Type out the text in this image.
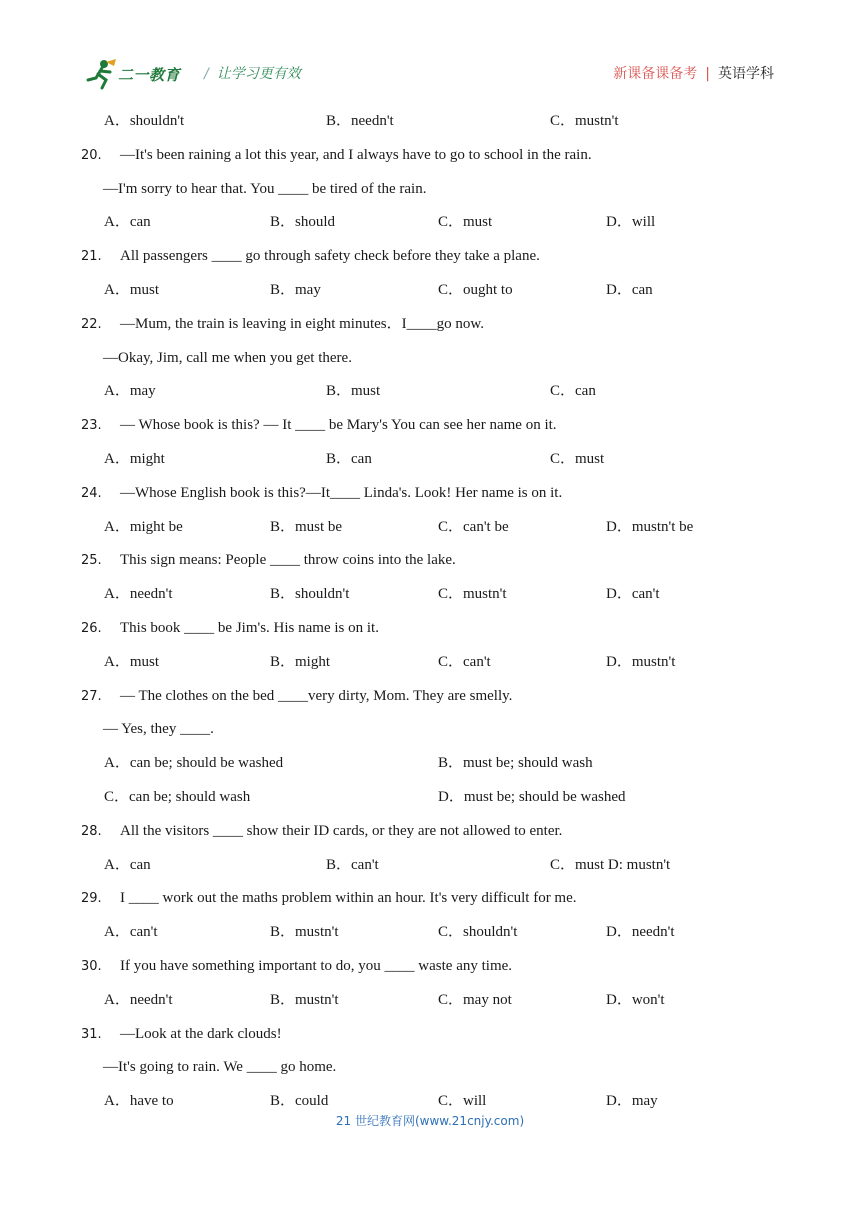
二一教育 / 让学习更有效	新课备课备考 | 英语学科
A．shouldn't	B．needn't	C．mustn't
20. —It's been raining a lot this year, and I always have to go to school in the rain.
—I'm sorry to hear that. You ____ be tired of the rain.
A．can	B．should	C．must	D．will
21. All passengers ____ go through safety check before they take a plane.
A．must	B．may	C．ought to	D．can
22. —Mum, the train is leaving in eight minutes．I____go now.
—Okay, Jim, call me when you get there.
A．may	B．must	C．can
23. — Whose book is this? — It ____ be Mary's You can see her name on it.
A．might	B．can	C．must
24. —Whose English book is this?—It____ Linda's. Look! Her name is on it.
A．might be	B．must be	C．can't be	D．mustn't be
25. This sign means: People ____ throw coins into the lake.
A．needn't	B．shouldn't	C．mustn't	D．can't
26. This book ____ be Jim's. His name is on it.
A．must	B．might	C．can't	D．mustn't
27. — The clothes on the bed ____very dirty, Mom. They are smelly.
— Yes, they ____.
A．can be; should be washed	B．must be; should wash
C．can be; should wash	D．must be; should be washed
28. All the visitors ____ show their ID cards, or they are not allowed to enter.
A．can	B．can't	C．must D: mustn't
29. I ____ work out the maths problem within an hour. It's very difficult for me.
A．can't	B．mustn't	C．shouldn't	D．needn't
30. If you have something important to do, you ____ waste any time.
A．needn't	B．mustn't	C．may not	D．won't
31. —Look at the dark clouds!
—It's going to rain. We ____ go home.
A．have to	B．could	C．will	D．may
21 世纪教育网(www.21cnjy.com)
